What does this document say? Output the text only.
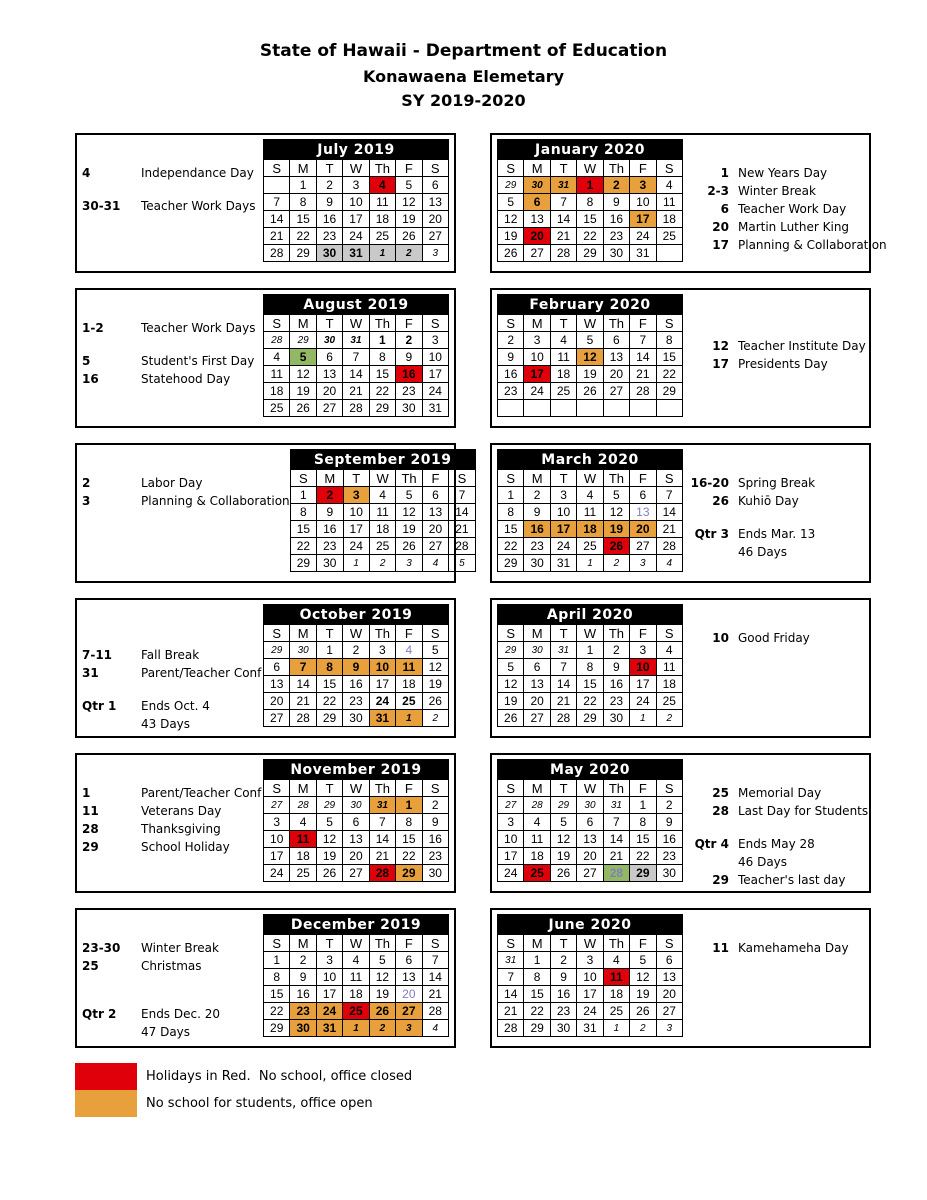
State of Hawaii - Department of Education
Konawaena Elemetary
SY 2019-2020
4	Independance Day
30-31	Teacher Work Days
July 2019						
S	M	T	W	Th	F	S
	1	2	3	4	5	6
7	8	9	10	11	12	13
14	15	16	17	18	19	20
21	22	23	24	25	26	27
28	29	30	31	1	2	3
January 2020						
S	M	T	W	Th	F	S
29	30	31	1	2	3	4
5	6	7	8	9	10	11
12	13	14	15	16	17	18
19	20	21	22	23	24	25
26	27	28	29	30	31	
1 New Years Day
2-3 Winter Break
6 Teacher Work Day
20 Martin Luther King
17 Planning & Collaboration
1-2	Teacher Work Days
5	Student's First Day
16	Statehood Day
August 2019						
S	M	T	W	Th	F	S
28	29	30	31	1	2	3
4	5	6	7	8	9	10
11	12	13	14	15	16	17
18	19	20	21	22	23	24
25	26	27	28	29	30	31
February 2020						
S	M	T	W	Th	F	S
2	3	4	5	6	7	8
9	10	11	12	13	14	15
16	17	18	19	20	21	22
23	24	25	26	27	28	29

12 Teacher Institute Day
17 Presidents Day
2	Labor Day
3	Planning & Collaboration
September 2019						
S	M	T	W	Th	F	S
1	2	3	4	5	6	7
8	9	10	11	12	13	14
15	16	17	18	19	20	21
22	23	24	25	26	27	28
29	30	1	2	3	4	5
March 2020						
S	M	T	W	Th	F	S
1	2	3	4	5	6	7
8	9	10	11	12	13	14
15	16	17	18	19	20	21
22	23	24	25	26	27	28
29	30	31	1	2	3	4
16-20 Spring Break
26 Kuhiō Day
Qtr 3 Ends Mar. 13
46 Days
7-11	Fall Break
31	Parent/Teacher Conf
Qtr 1	Ends Oct. 4
43 Days
October 2019						
S	M	T	W	Th	F	S
29	30	1	2	3	4	5
6	7	8	9	10	11	12
13	14	15	16	17	18	19
20	21	22	23	24	25	26
27	28	29	30	31	1	2
April 2020						
S	M	T	W	Th	F	S
29	30	31	1	2	3	4
5	6	7	8	9	10	11
12	13	14	15	16	17	18
19	20	21	22	23	24	25
26	27	28	29	30	1	2
10 Good Friday
1	Parent/Teacher Conf
11	Veterans Day
28	Thanksgiving
29	School Holiday
November 2019						
S	M	T	W	Th	F	S
27	28	29	30	31	1	2
3	4	5	6	7	8	9
10	11	12	13	14	15	16
17	18	19	20	21	22	23
24	25	26	27	28	29	30
May 2020						
S	M	T	W	Th	F	S
27	28	29	30	31	1	2
3	4	5	6	7	8	9
10	11	12	13	14	15	16
17	18	19	20	21	22	23
24	25	26	27	28	29	30
25 Memorial Day
28 Last Day for Students
Qtr 4 Ends May 28
46 Days
29 Teacher's last day
23-30	Winter Break
25	Christmas
Qtr 2	Ends Dec. 20
47 Days
December 2019						
S	M	T	W	Th	F	S
1	2	3	4	5	6	7
8	9	10	11	12	13	14
15	16	17	18	19	20	21
22	23	24	25	26	27	28
29	30	31	1	2	3	4
June 2020						
S	M	T	W	Th	F	S
31	1	2	3	4	5	6
7	8	9	10	11	12	13
14	15	16	17	18	19	20
21	22	23	24	25	26	27
28	29	30	31	1	2	3
11 Kamehameha Day
Holidays in Red.  No school, office closed
No school for students, office open
